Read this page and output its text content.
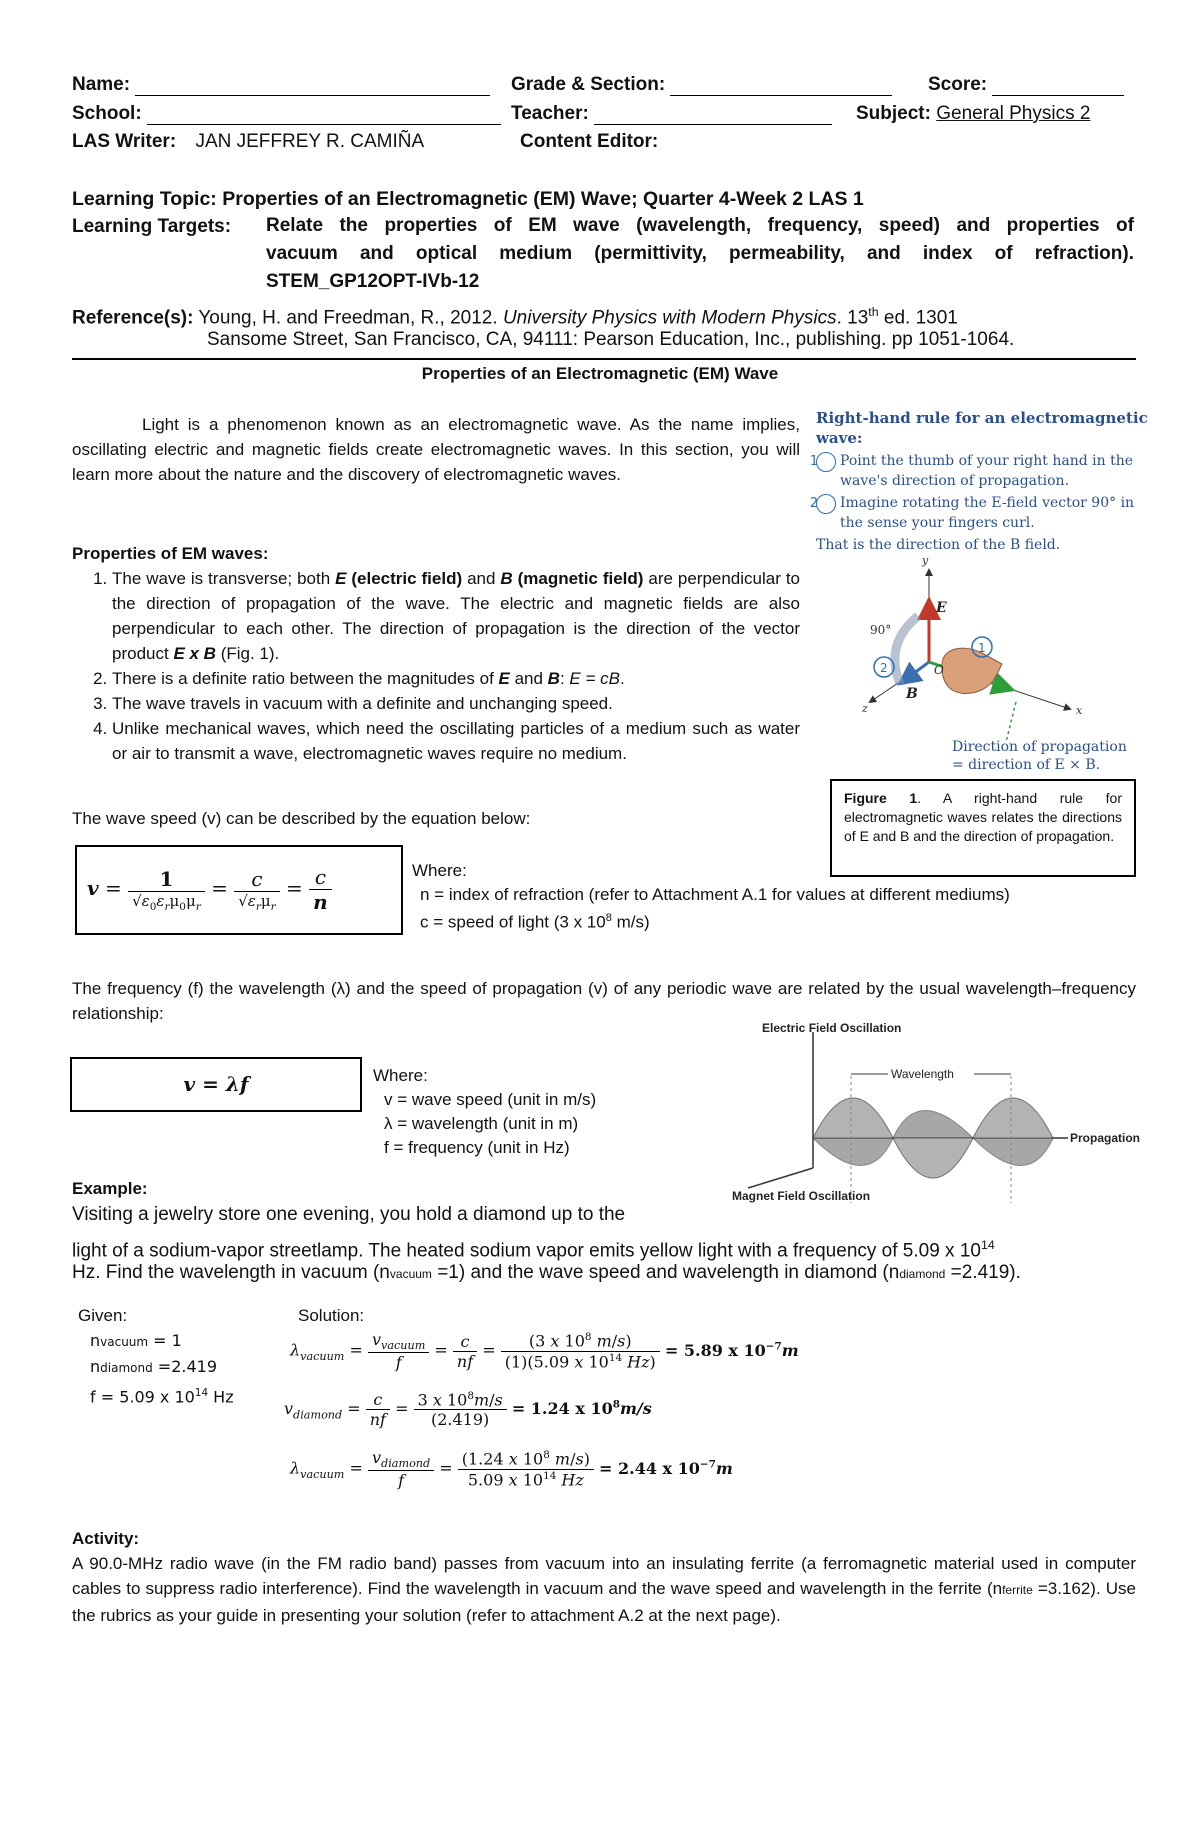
Name:	Grade & Section:	Score:
School:	Teacher:	Subject: General Physics 2
LAS Writer: JAN JEFFREY R. CAMIÑA	Content Editor:
Learning Topic: Properties of an Electromagnetic (EM) Wave; Quarter 4-Week 2 LAS 1
Learning Targets: Relate the properties of EM wave (wavelength, frequency, speed) and properties of
vacuum and optical medium (permittivity, permeability, and index of refraction).
STEM_GP12OPT-IVb-12
Reference(s): Young, H. and Freedman, R., 2012. University Physics with Modern Physics. 13th ed. 1301
Sansome Street, San Francisco, CA, 94111: Pearson Education, Inc., publishing. pp 1051-1064.
Properties of an Electromagnetic (EM) Wave
Light is a phenomenon known as an electromagnetic wave. As the name implies, oscillating electric and magnetic fields create electromagnetic waves. In this section, you will learn more about the nature and the discovery of electromagnetic waves.
Properties of EM waves:
1. The wave is transverse; both E (electric field) and B (magnetic field) are perpendicular to the direction of propagation of the wave. The electric and magnetic fields are also perpendicular to each other. The direction of propagation is the direction of the vector product E x B (Fig. 1).
2. There is a definite ratio between the magnitudes of E and B: E = cB.
3. The wave travels in vacuum with a definite and unchanging speed.
4. Unlike mechanical waves, which need the oscillating particles of a medium such as water or air to transmit a wave, electromagnetic waves require no medium.
Right-hand rule for an electromagnetic wave:
1 Point the thumb of your right hand in the wave's direction of propagation.
2 Imagine rotating the E-field vector 90° in the sense your fingers curl.
That is the direction of the B field.
y
z	x
O
E
B
90°
1
2
Direction of propagation
= direction of E × B.
Figure 1. A right-hand rule for electromagnetic waves relates the directions of E and B and the direction of propagation.
The wave speed (v) can be described by the equation below:
$v = \frac{1}{√\varepsilon_0\varepsilon_r\mu_0\mu_r} = \frac{c}{√\varepsilon_r\mu_r} = \frac{c}{n}$	Where:
n = index of refraction (refer to Attachment A.1 for values at different mediums)
c = speed of light (3 x $10^8$ m/s)
The frequency (f) the wavelength (λ) and the speed of propagation (v) of any periodic wave are related by the usual wavelength–frequency relationship:
v = λf	Where:
v = wave speed (unit in m/s)
λ = wavelength (unit in m)
f = frequency (unit in Hz)
Electric Field Oscillation
Wavelength
Propagation
Magnet Field Oscillation
Example:
Visiting a jewelry store one evening, you hold a diamond up to the
light of a sodium-vapor streetlamp. The heated sodium vapor emits yellow light with a frequency of 5.09 x $10^{14}$
Hz. Find the wavelength in vacuum (nvacuum =1) and the wave speed and wavelength in diamond (ndiamond =2.419).
Given:
nvacuum = 1
ndiamond =2.419
f = 5.09 x $10^{14}$ Hz
Solution:
$\lambda_{vacuum} = \frac{v_{vacuum}}{f} = \frac{c}{nf} = \frac{(3 x 10^8 m/s)}{(1)(5.09 x 10^{14} Hz)} = 5.89$ x $10^{-7}m$
$v_{diamond} = \frac{c}{nf} = \frac{3 x 10^8m/s}{(2.419)} = 1.24$ x $10^8m/s$
$\lambda_{vacuum} = \frac{v_{diamond}}{f} = \frac{(1.24 x 10^8 m/s)}{5.09 x 10^{14} Hz} = 2.44$ x $10^{-7}m$
Activity:
A 90.0-MHz radio wave (in the FM radio band) passes from vacuum into an insulating ferrite (a ferromagnetic material used in computer cables to suppress radio interference). Find the wavelength in vacuum and the wave speed and wavelength in the ferrite (nferrite =3.162). Use the rubrics as your guide in presenting your solution (refer to attachment A.2 at the next page).
